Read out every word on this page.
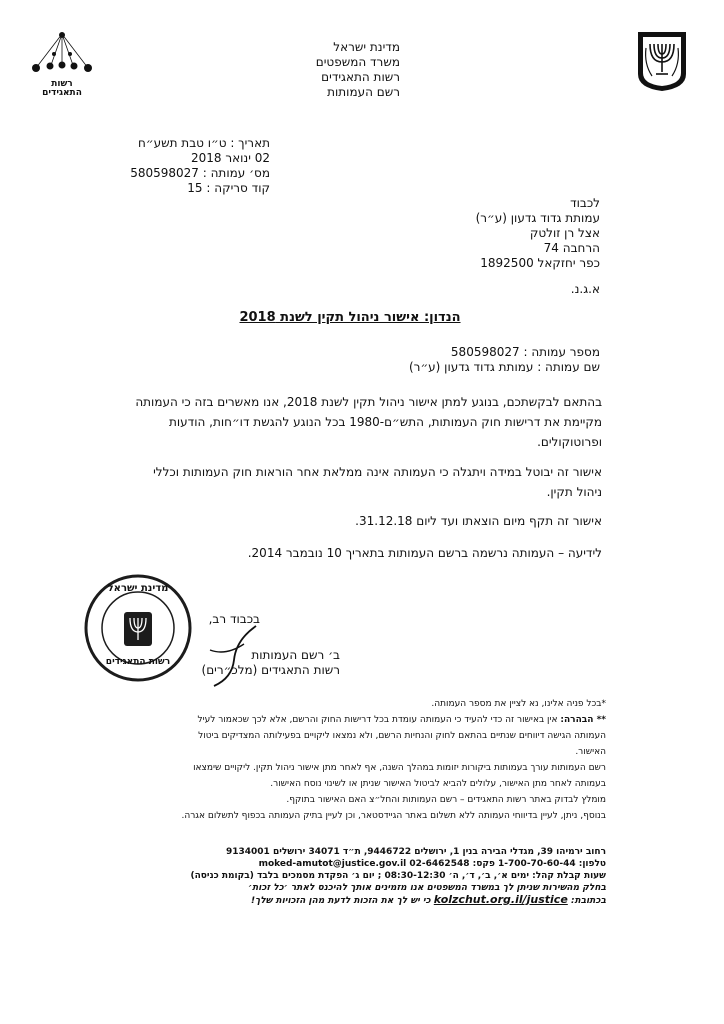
רשות
התאגידים
מדינת ישראל
משרד המשפטים
רשות התאגידים
רשם העמותות
תאריך : ט״ו טבת תשע״ח
02 ינואר 2018
מס׳ עמותה : 580598027
קוד סריקה : 15
לכבוד
עמותת גדוד גדעון (ע״ר)
אצל רן זולטק
הרחבה 74
כפר יחזקאל 1892500
א.ג.נ.
הנדון: אישור ניהול תקין לשנת 2018
מספר עמותה : 580598027
שם עמותה : עמותת גדוד גדעון (ע״ר)
בהתאם לבקשתכם, בנוגע למתן אישור ניהול תקין לשנת 2018, אנו מאשרים בזה כי העמותה
מקיימת את דרישות חוק העמותות, התש״ם-1980 בכל הנוגע להגשת דו״חות, הודעות
ופרוטוקולים.
אישור זה יבוטל במידה ויתגלה כי העמותה אינה ממלאת אחר הוראות חוק העמותות וכללי
ניהול תקין.
אישור זה תקף מיום הוצאתו ועד ליום 31.12.18.
לידיעה – העמותה נרשמה ברשם העמותות בתאריך 10 נובמבר 2014.
מדינת ישראל
רשות התאגידים
בכבוד רב,
ב׳ רשם העמותות
רשות התאגידים (מלכ״רים)
*בכל פניה אלינו, נא לציין את מספר העמותה.
** הבהרה: אין באישור זה כדי להעיד כי העמותה עומדת בכל דרישות החוק והרשם, אלא לכך שכאמור לעיל
העמותה הגישה דיווחים שנתיים בהתאם לחוק והנחיות הרשם, ולא נמצאו ליקויים בפעילותה המצדיקים ביטול
האישור.
רשם העמותות עורך בעמותות ביקורות יזומות במהלך השנה, אף לאחר מתן אישור ניהול תקין. ליקויים שימצאו
בעמותה לאחר מתן האישור, עלולים להביא לביטול האישור שניתן או לשינוי נוסח האישור.
מומלץ לבדוק באתר רשות התאגידים – רשם העמותות והחל״צ האם האישור בתוקף.
בנוסף, ניתן, לעיין בדיווחי העמותה ללא תשלום באתר הגיידסטאר, וכן לעיין בתיק העמותה בכפוף לתשלום אגרה.
רחוב ירמיהו 39, מגדלי הבירה בנין 1, ירושלים 9446722, ת״ד 34071 ירושלים 9134001
טלפון: 1-700-70-60-44 פקס: 02-6462548 moked-amutot@justice.gov.il
שעות קבלת קהל: ימים א׳, ב׳, ד׳, ה׳ 08:30-12:30 ; יום ג׳ הפקדת מסמכים בלבד (בקומת כניסה)
בחלק מהשירות שניתן לך במשרד המשפטים אנו מזמינים אותך להיכנס לאתר ׳כל זכות׳
בכתובת: kolzchut.org.il/justice כי יש לך את הזכות לדעת מהן הזכויות שלך!
